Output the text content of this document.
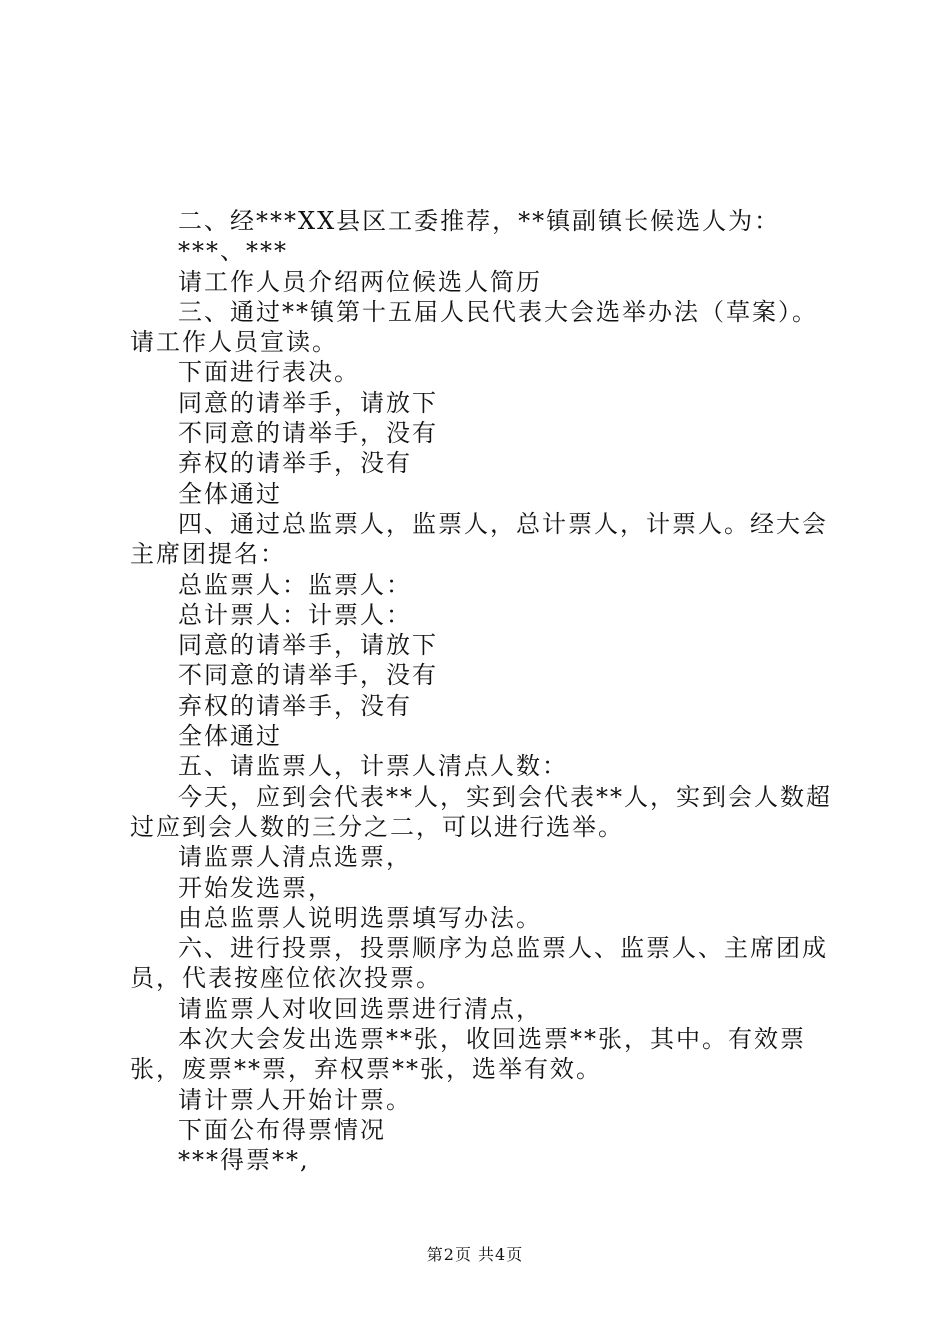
二、经***XX县区工委推荐，**镇副镇长候选人为：

***、***

请工作人员介绍两位候选人简历

三、通过**镇第十五届人民代表大会选举办法（草案）。请工作人员宣读。

下面进行表决。

同意的请举手，请放下

不同意的请举手，没有

弃权的请举手，没有

全体通过

四、通过总监票人，监票人，总计票人，计票人。经大会主席团提名：

总监票人：监票人：

总计票人：计票人：

同意的请举手，请放下

不同意的请举手，没有

弃权的请举手，没有

全体通过

五、请监票人，计票人清点人数：

今天，应到会代表**人，实到会代表**人，实到会人数超过应到会人数的三分之二，可以进行选举。

请监票人清点选票，

开始发选票，

由总监票人说明选票填写办法。

六、进行投票，投票顺序为总监票人、监票人、主席团成员，代表按座位依次投票。

请监票人对收回选票进行清点，

本次大会发出选票**张，收回选票**张，其中。有效票张，废票**票，弃权票**张，选举有效。

请计票人开始计票。

下面公布得票情况

***得票**,

第2页 共4页
